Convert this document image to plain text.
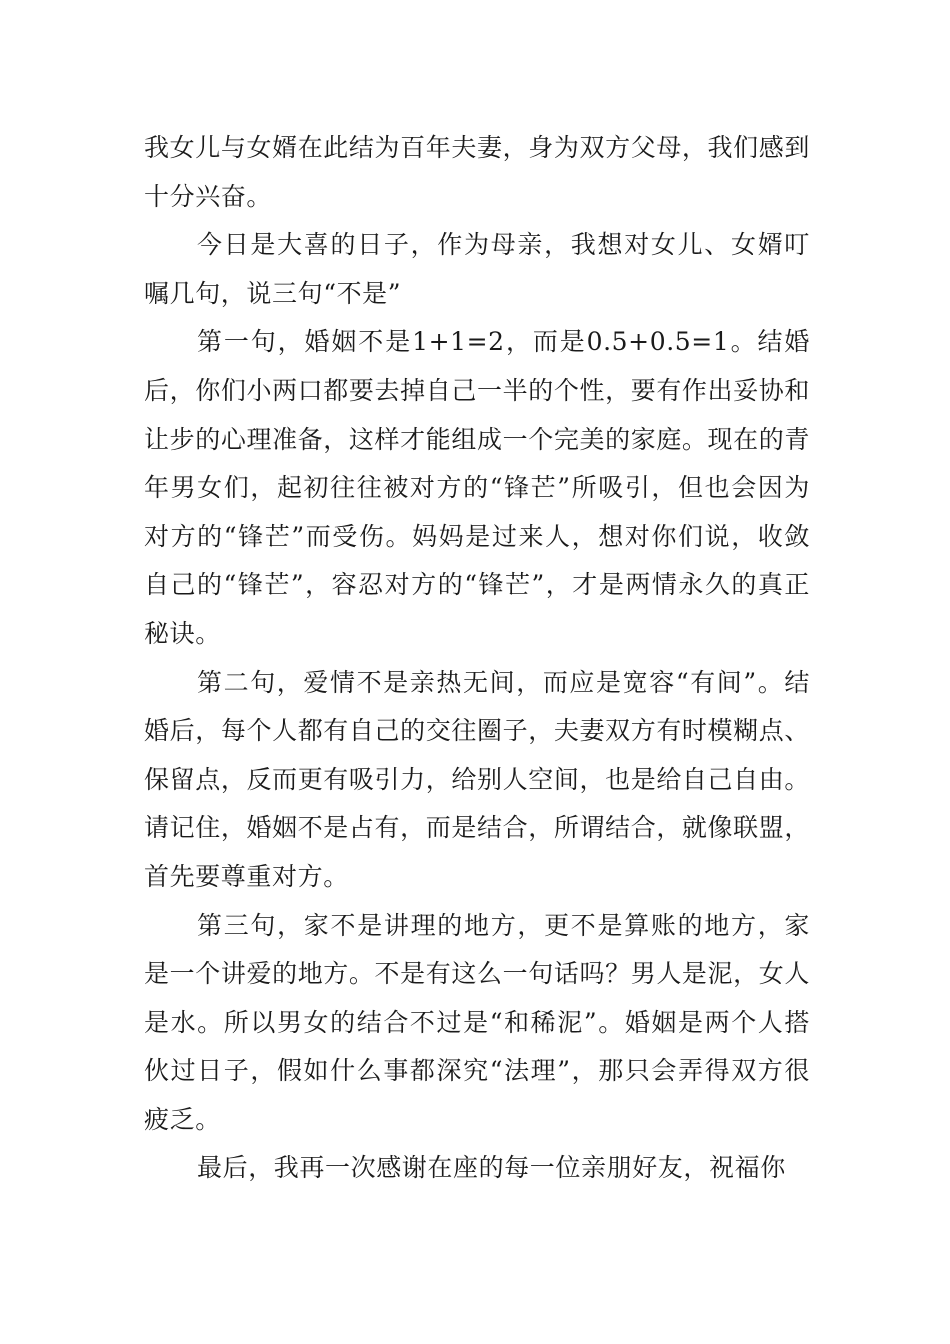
我女儿与女婿在此结为百年夫妻，身为双方父母，我们感到十分兴奋。

今日是大喜的日子，作为母亲，我想对女儿、女婿叮嘱几句，说三句“不是”

第一句，婚姻不是1+1=2，而是0.5+0.5=1。结婚后，你们小两口都要去掉自己一半的个性，要有作出妥协和让步的心理准备，这样才能组成一个完美的家庭。现在的青年男女们，起初往往被对方的“锋芒”所吸引，但也会因为对方的“锋芒”而受伤。妈妈是过来人，想对你们说，收敛自己的“锋芒”，容忍对方的“锋芒”，才是两情永久的真正秘诀。

第二句，爱情不是亲热无间，而应是宽容“有间”。结婚后，每个人都有自己的交往圈子，夫妻双方有时模糊点、保留点，反而更有吸引力，给别人空间，也是给自己自由。请记住，婚姻不是占有，而是结合，所谓结合，就像联盟，首先要尊重对方。

第三句，家不是讲理的地方，更不是算账的地方，家是一个讲爱的地方。不是有这么一句话吗？男人是泥，女人是水。所以男女的结合不过是“和稀泥”。婚姻是两个人搭伙过日子，假如什么事都深究“法理”，那只会弄得双方很疲乏。

最后，我再一次感谢在座的每一位亲朋好友，祝福你
